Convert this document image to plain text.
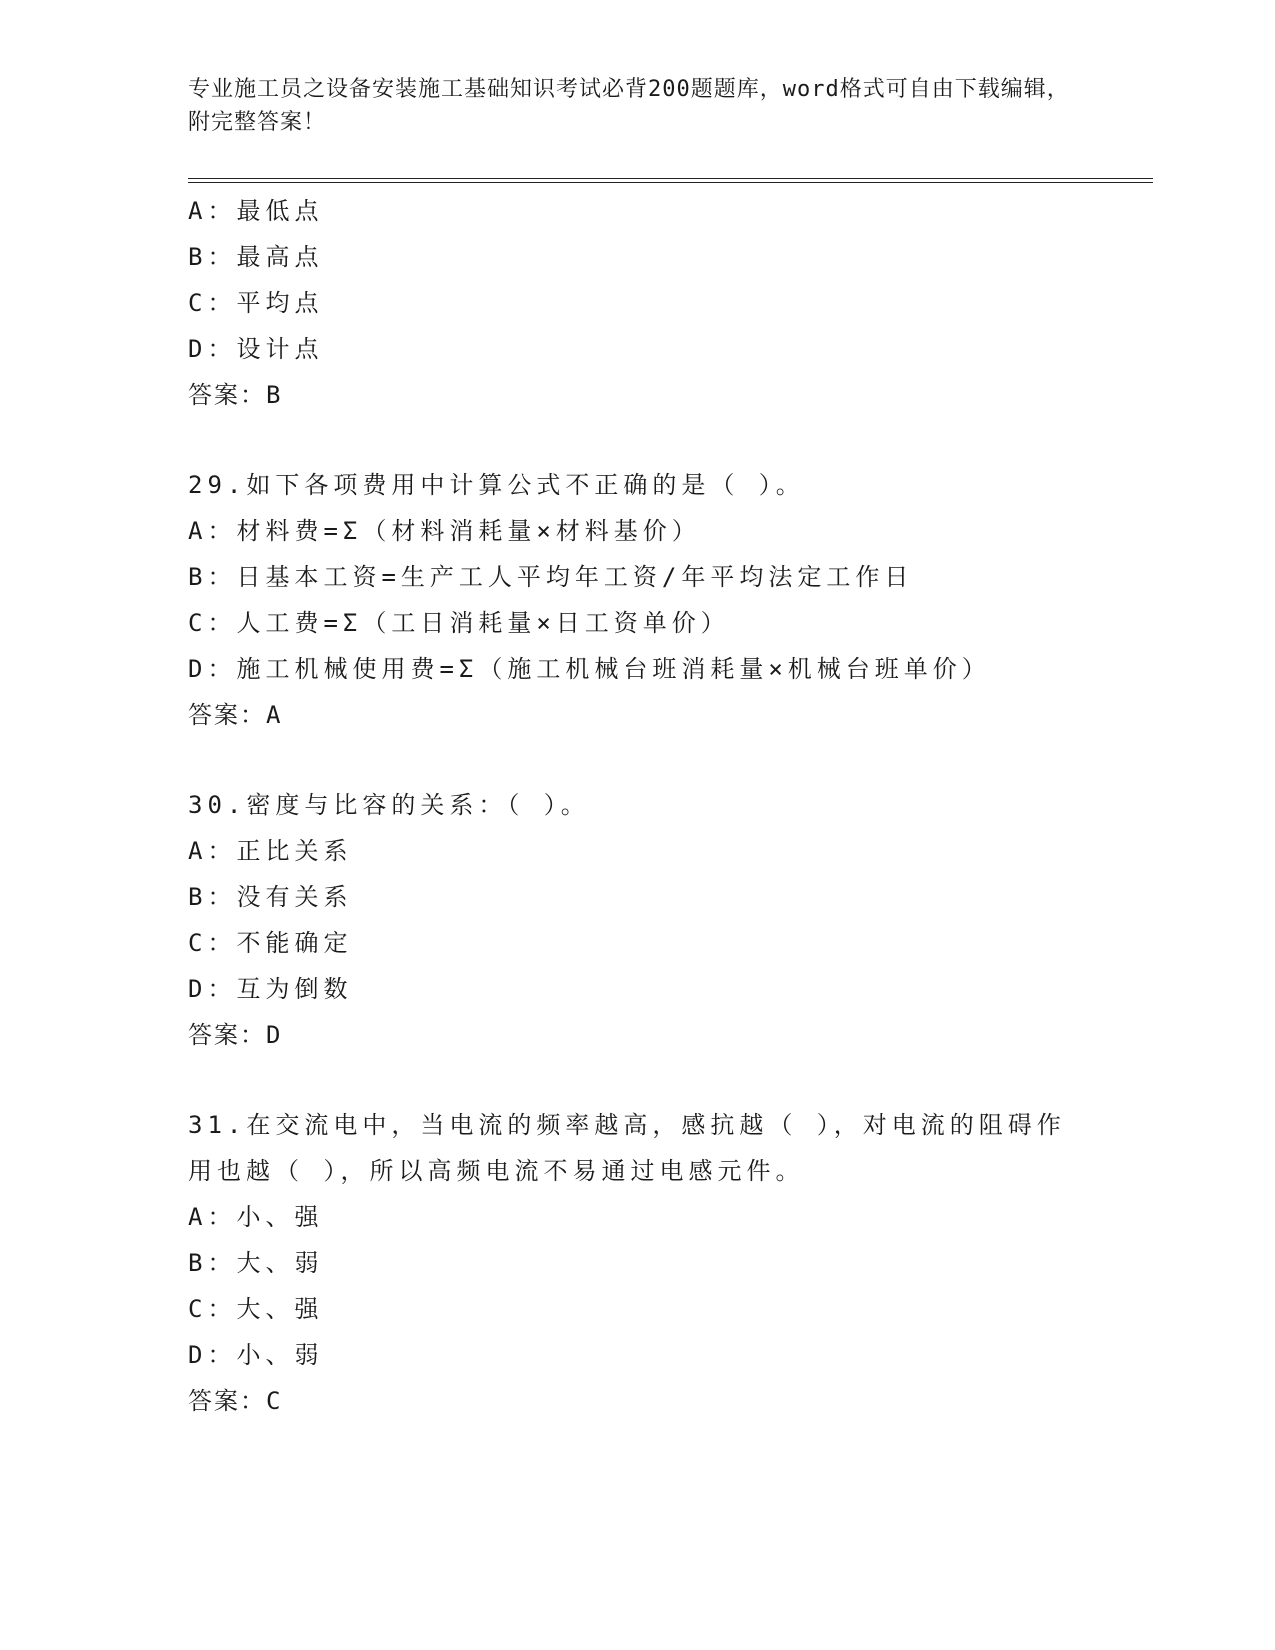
专业施工员之设备安装施工基础知识考试必背200题题库，word格式可自由下载编辑，附完整答案！
A：最低点
B：最高点
C：平均点
D：设计点
答案：B
29.如下各项费用中计算公式不正确的是（ ）。
A：材料费=Σ（材料消耗量×材料基价）
B：日基本工资=生产工人平均年工资/年平均法定工作日
C：人工费=Σ（工日消耗量×日工资单价）
D：施工机械使用费=Σ（施工机械台班消耗量×机械台班单价）
答案：A
30.密度与比容的关系：（ ）。
A：正比关系
B：没有关系
C：不能确定
D：互为倒数
答案：D
31.在交流电中，当电流的频率越高，感抗越（ ），对电流的阻碍作用也越（ ），所以高频电流不易通过电感元件。
A：小、强
B：大、弱
C：大、强
D：小、弱
答案：C
